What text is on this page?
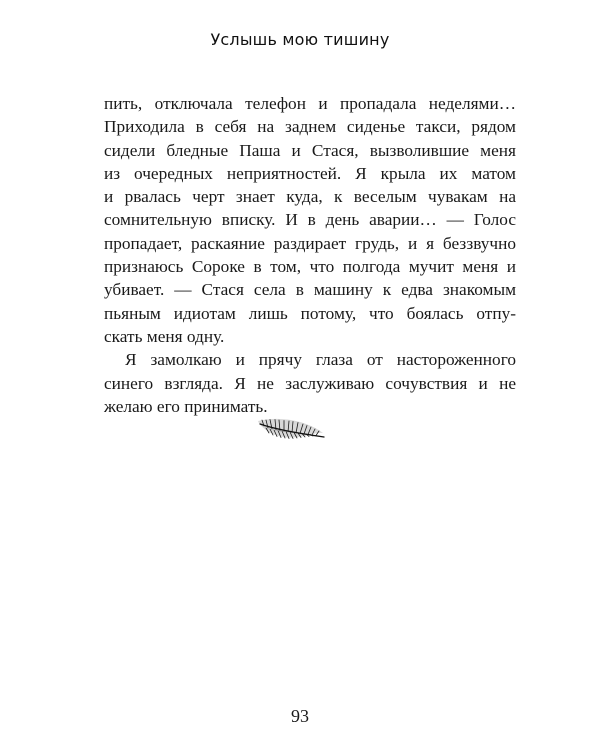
Услышь мою тишину
пить, отключала телефон и пропадала неделями…
Приходила в себя на заднем сиденье такси, рядом
сидели бледные Паша и Стася, вызволившие меня
из очередных неприятностей. Я крыла их матом
и рвалась черт знает куда, к веселым чувакам на
сомнительную вписку. И в день аварии… — Голос
пропадает, раскаяние раздирает грудь, и я беззвучно
признаюсь Сороке в том, что полгода мучит меня и
убивает. — Стася села в машину к едва знакомым
пьяным идиотам лишь потому, что боялась отпу-
скать меня одну.
Я замолкаю и прячу глаза от настороженного
синего взгляда. Я не заслуживаю сочувствия и не
желаю его принимать.
93
